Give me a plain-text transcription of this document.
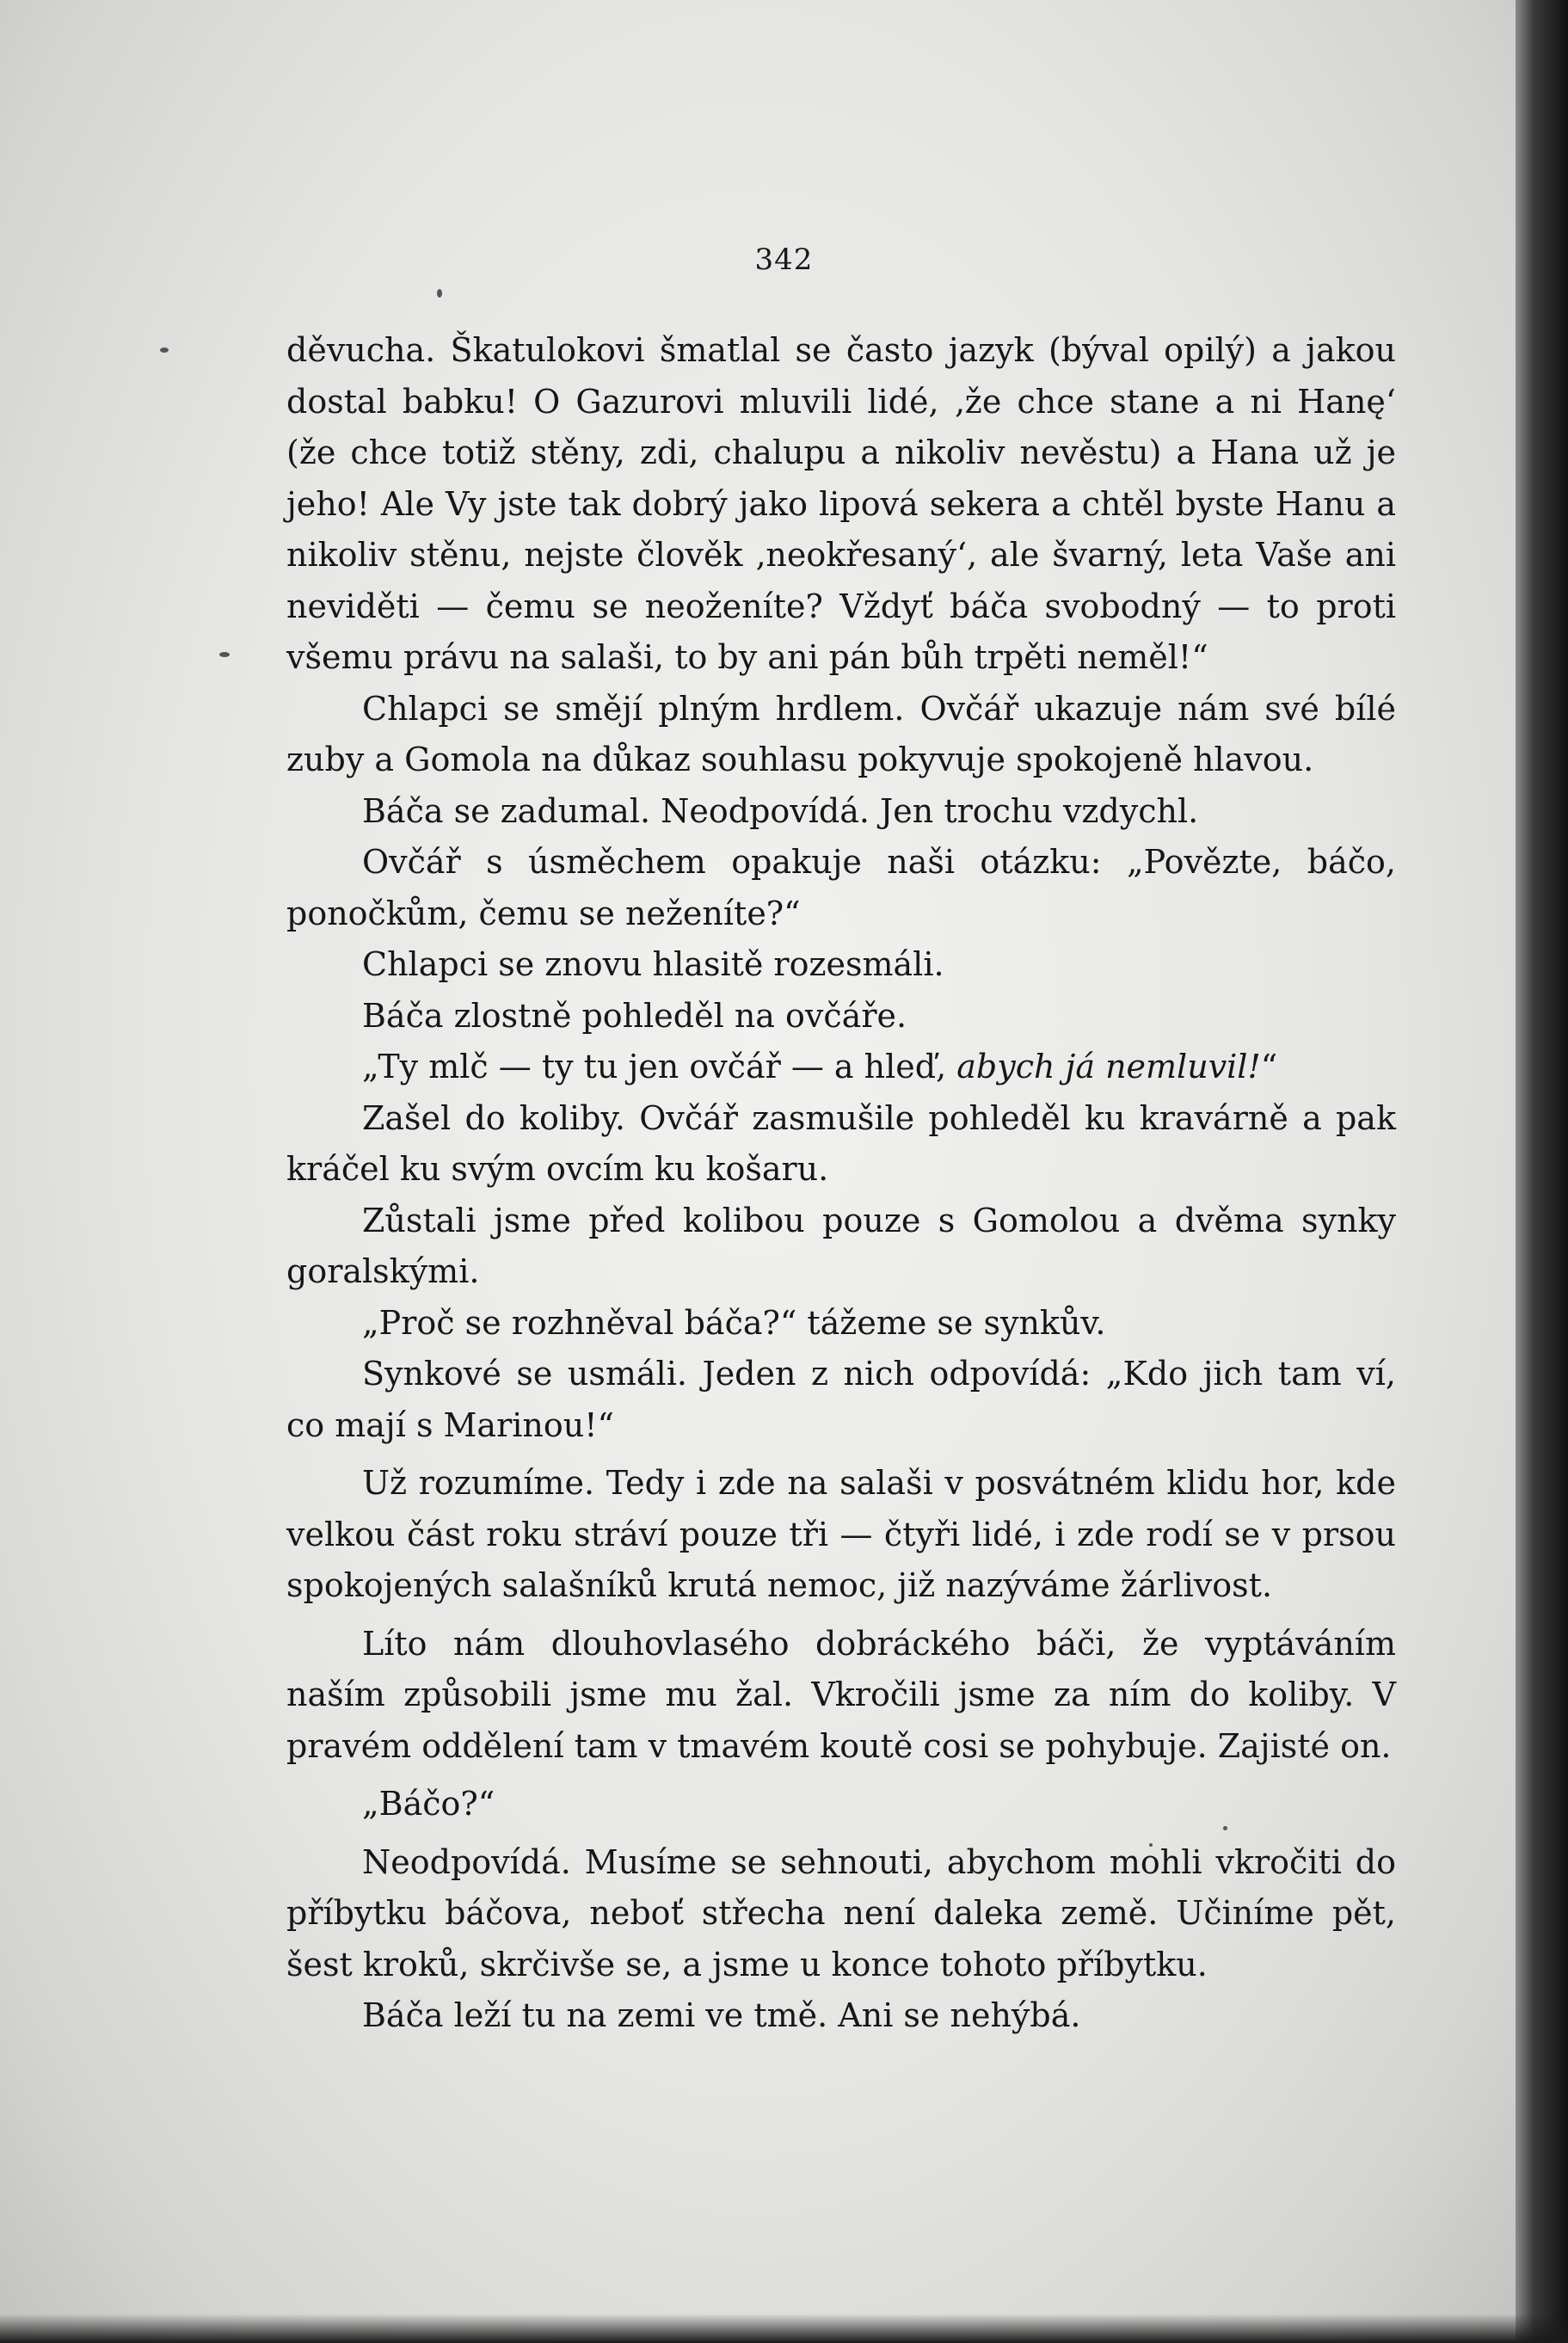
342

děvucha. Škatulokovi šmatlal se často jazyk (býval opilý) a jakou dostal babku! O Gazurovi mluvili lidé, ‚že chce stane a ni Hanę‘ (že chce totiž stěny, zdi, chalupu a nikoliv nevěstu) a Hana už je jeho! Ale Vy jste tak dobrý jako lipová sekera a chtěl byste Hanu a nikoliv stěnu, nejste člověk ‚neokřesaný‘, ale švarný, leta Vaše ani neviděti — čemu se neoženíte? Vždyť báča svobodný — to proti všemu právu na salaši, to by ani pán bůh trpěti neměl!“

Chlapci se smějí plným hrdlem. Ovčář ukazuje nám své bílé zuby a Gomola na důkaz souhlasu pokyvuje spokojeně hlavou.

Báča se zadumal. Neodpovídá. Jen trochu vzdychl.

Ovčář s úsměchem opakuje naši otázku: „Povězte, báčo, ponočkům, čemu se neženíte?“

Chlapci se znovu hlasitě rozesmáli.

Báča zlostně pohleděl na ovčáře.

„Ty mlč — ty tu jen ovčář — a hleď, abych já nemluvil!“

Zašel do koliby. Ovčář zasmušile pohleděl ku kravárně a pak kráčel ku svým ovcím ku košaru.

Zůstali jsme před kolibou pouze s Gomolou a dvěma synky goralskými.

„Proč se rozhněval báča?“ tážeme se synkův.

Synkové se usmáli. Jeden z nich odpovídá: „Kdo jich tam ví, co mají s Marinou!“

Už rozumíme. Tedy i zde na salaši v posvátném klidu hor, kde velkou část roku stráví pouze tři — čtyři lidé, i zde rodí se v prsou spokojených salašníků krutá nemoc, již nazýváme žárlivost.

Líto nám dlouhovlasého dobráckého báči, že vyptáváním naším způsobili jsme mu žal. Vkročili jsme za ním do koliby. V pravém oddělení tam v tmavém koutě cosi se pohybuje. Zajisté on.

„Báčo?“

Neodpovídá. Musíme se sehnouti, abychom mohli vkročiti do příbytku báčova, neboť střecha není daleka země. Učiníme pět, šest kroků, skrčivše se, a jsme u konce tohoto příbytku.

Báča leží tu na zemi ve tmě. Ani se nehýbá.
